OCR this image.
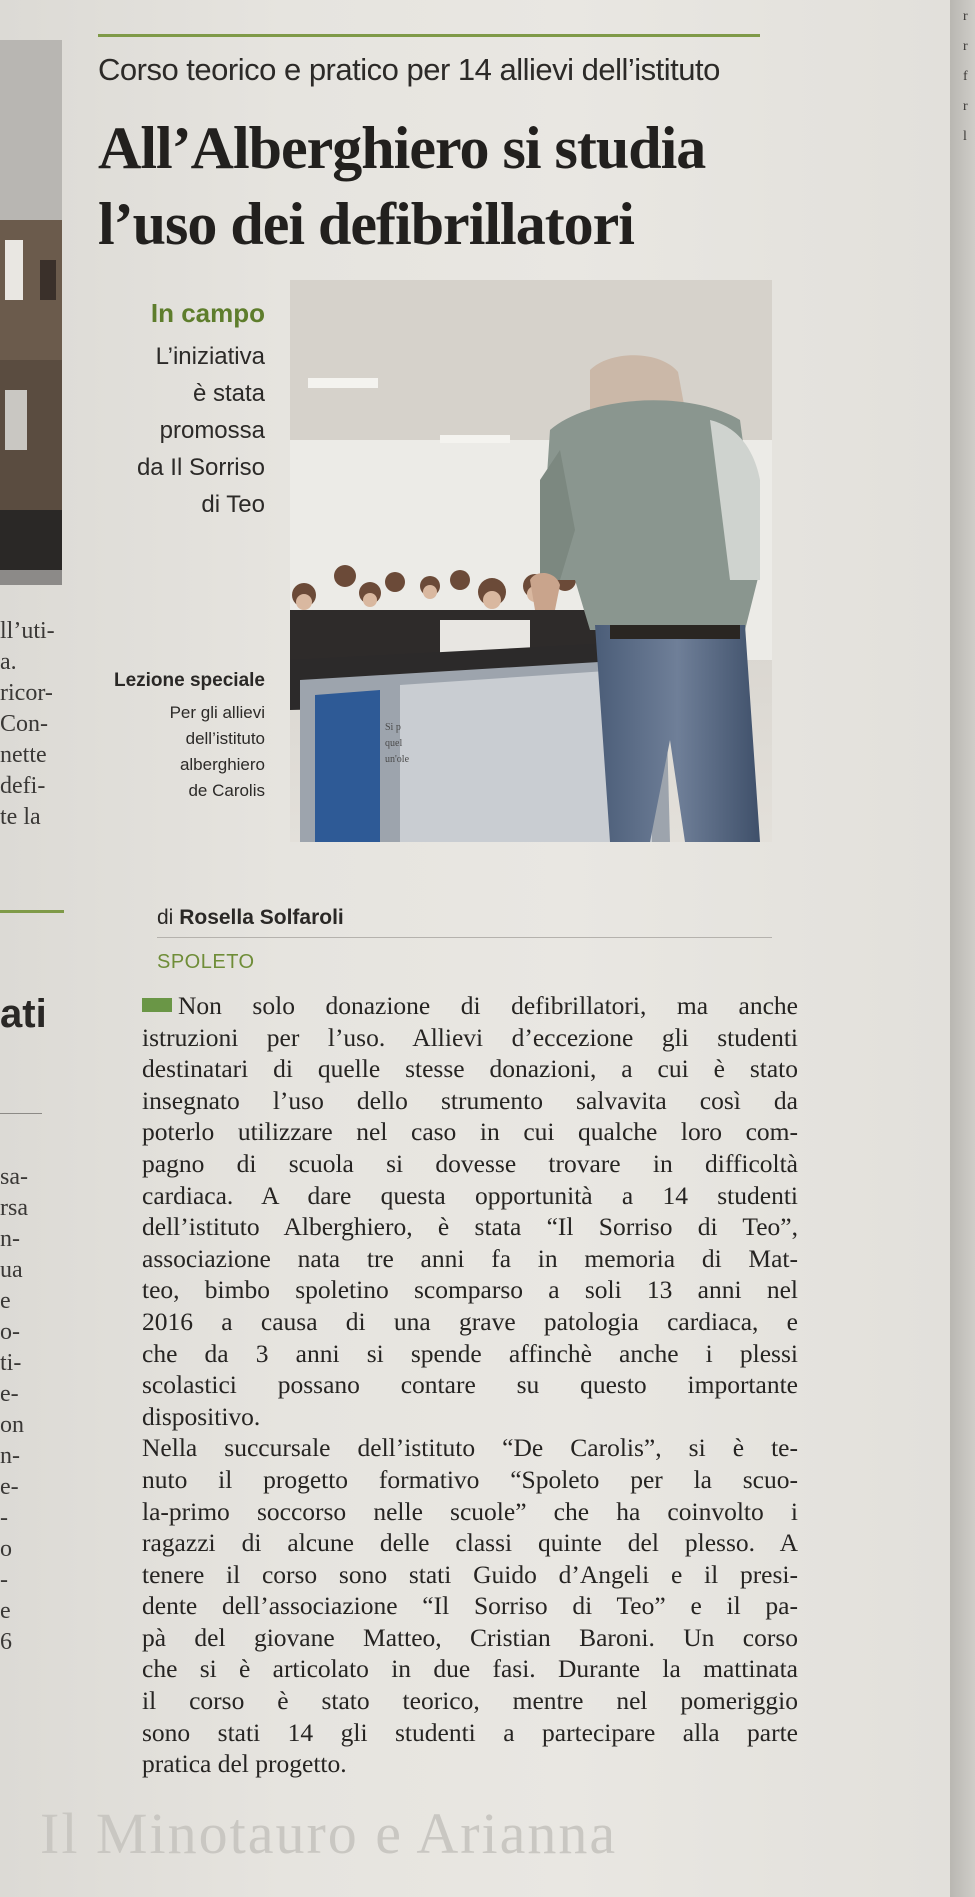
ll’uti-
a.
ricor-
Con-
nette
defi-
te la
ati
sa-
rsa
n-
ua
e
o-
ti-
e-
on
n-
e-
-
o
-
e
6
r
r
f
r
l
Corso teorico e pratico per 14 allievi dell’istituto
All’Alberghiero si studia
l’uso dei defibrillatori
In campo
L’iniziativa
è stata
promossa
da Il Sorriso
di Teo
Lezione speciale
Per gli allievi
dell’istituto
alberghiero
de Carolis
Si p
quel
un'ole
di Rosella Solfaroli
SPOLETO
Non solo donazione di defibrillatori, ma anche
istruzioni per l’uso. Allievi d’eccezione gli studenti
destinatari di quelle stesse donazioni, a cui è stato
insegnato l’uso dello strumento salvavita così da
poterlo utilizzare nel caso in cui qualche loro com-
pagno di scuola si dovesse trovare in difficoltà
cardiaca. A dare questa opportunità a 14 studenti
dell’istituto Alberghiero, è stata “Il Sorriso di Teo”,
associazione nata tre anni fa in memoria di Mat-
teo, bimbo spoletino scomparso a soli 13 anni nel
2016 a causa di una grave patologia cardiaca, e
che da 3 anni si spende affinchè anche i plessi
scolastici possano contare su questo importante
dispositivo.
Nella succursale dell’istituto “De Carolis”, si è te-
nuto il progetto formativo “Spoleto per la scuo-
la-primo soccorso nelle scuole” che ha coinvolto i
ragazzi di alcune delle classi quinte del plesso. A
tenere il corso sono stati Guido d’Angeli e il presi-
dente dell’associazione “Il Sorriso di Teo” e il pa-
pà del giovane Matteo, Cristian Baroni. Un corso
che si è articolato in due fasi. Durante la mattinata
il corso è stato teorico, mentre nel pomeriggio
sono stati 14 gli studenti a partecipare alla parte
pratica del progetto.
Il Minotauro e Arianna
